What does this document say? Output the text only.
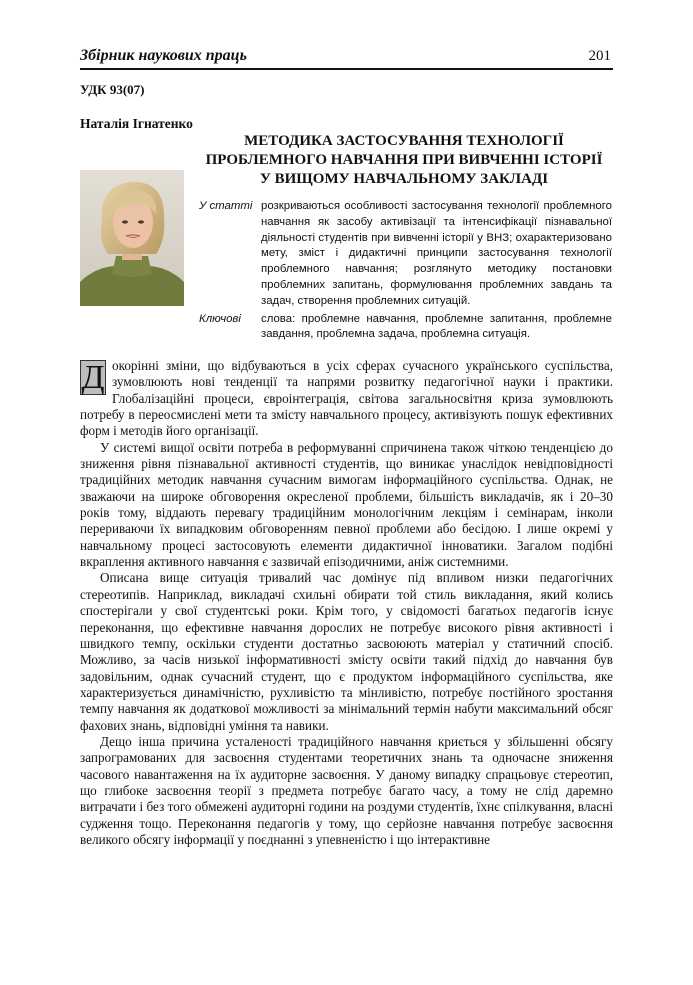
Збірник наукових праць	201
УДК 93(07)
Наталія Ігнатенко
МЕТОДИКА ЗАСТОСУВАННЯ ТЕХНОЛОГІЇ
ПРОБЛЕМНОГО НАВЧАННЯ ПРИ ВИВЧЕННІ ІСТОРІЇ
У ВИЩОМУ НАВЧАЛЬНОМУ ЗАКЛАДІ
У статті розкриваються особливості застосування технології проблемного навчання як засобу активізації та інтенсифікації пізнавальної діяльності студентів при вивченні історії у ВНЗ; охарактеризовано мету, зміст і дидактичні принципи застосування технології проблемного навчання; розглянуто методику постановки проблемних запитань, формулювання проблемних завдань та задач, створення проблемних ситуацій.
Ключові	слова: проблемне навчання, проблемне запитання, проблемне завдання, проблемна задача, проблемна ситуація.

Д окорінні зміни, що відбуваються в усіх сферах сучасного українського суспільства, зумовлюють нові тенденції та напрями розвитку педагогічної науки і практики. Глобалізаційні процеси, євроінтеграція, світова загальносвітня криза зумовлюють потребу в переосмислені мети та змісту навчального процесу, активізують пошук ефективних форм і методів його організації.

У системі вищої освіти потреба в реформуванні спричинена також чіткою тенденцією до зниження рівня пізнавальної активності студентів, що виникає унаслідок невідповідності традиційних методик навчання сучасним вимогам інформаційного суспільства. Однак, не зважаючи на широке обговорення окресленої проблеми, більшість викладачів, як і 20–30 років тому, віддають перевагу традиційним монологічним лекціям і семінарам, інколи перериваючи їх випадковим обговоренням певної проблеми або бесідою. І лише окремі у навчальному процесі застосовують елементи дидактичної інноватики. Загалом подібні вкраплення активного навчання є зазвичай епізодичними, аніж системними.

Описана вище ситуація тривалий час домінує під впливом низки педагогічних стереотипів. Наприклад, викладачі схильні обирати той стиль викладання, який колись спостерігали у свої студентські роки. Крім того, у свідомості багатьох педагогів існує переконання, що ефективне навчання дорослих не потребує високого рівня активності і швидкого темпу, оскільки студенти достатньо засвоюють матеріал у статичний спосіб. Можливо, за часів низької інформативності змісту освіти такий підхід до навчання був задовільним, однак сучасний студент, що є продуктом інформаційного суспільства, яке характеризується динамічністю, рухливістю та мінливістю, потребує постійного зростання темпу навчання як додаткової можливості за мінімальний термін набути максимальний обсяг фахових знань, відповідні уміння та навики.

Дещо інша причина усталеності традиційного навчання криється у збільшенні обсягу запрограмованих для засвоєння студентами теоретичних знань та одночасне зниження часового навантаження на їх аудиторне засвоєння. У даному випадку спрацьовує стереотип, що глибоке засвоєння теорії з предмета потребує багато часу, а тому не слід даремно витрачати і без того обмежені аудиторні години на роздуми студентів, їхнє спілкування, власні судження тощо. Переконання педагогів у тому, що серйозне навчання потребує засвоєння великого обсягу інформації у поєднанні з упевненістю і що інтерактивне
